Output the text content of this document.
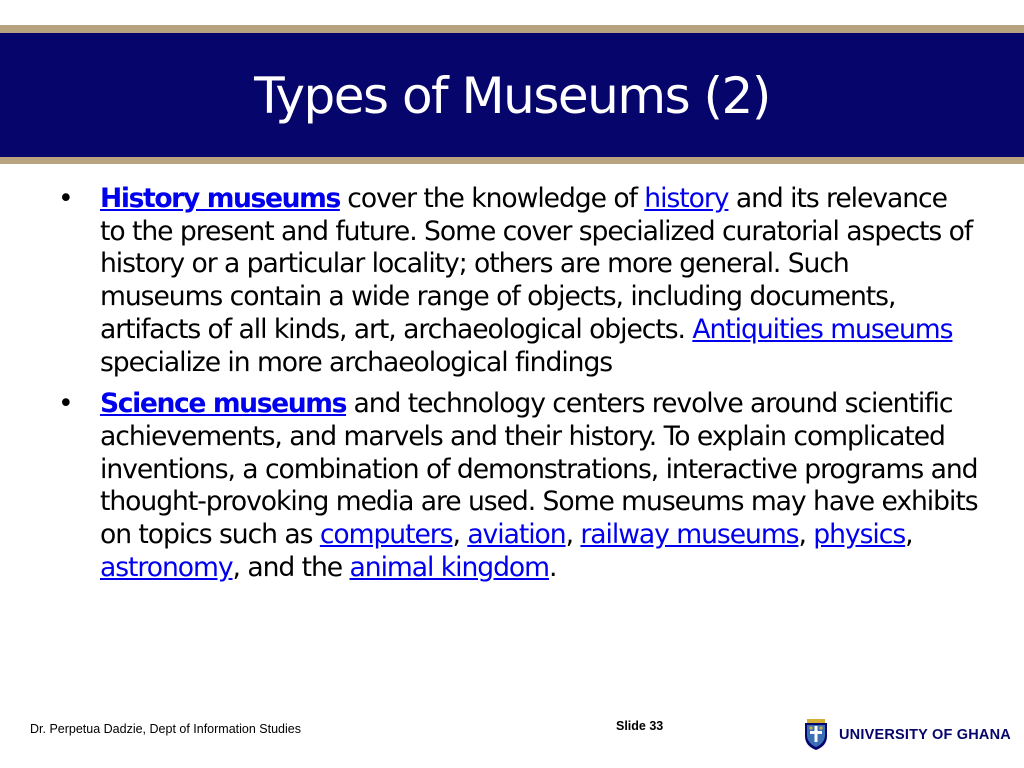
Types of Museums (2)
• History museums cover the knowledge of history and its relevance to the present and future. Some cover specialized curatorial aspects of history or a particular locality; others are more general. Such museums contain a wide range of objects, including documents, artifacts of all kinds, art, archaeological objects. Antiquities museums specialize in more archaeological findings
• Science museums and technology centers revolve around scientific achievements, and marvels and their history. To explain complicated inventions, a combination of demonstrations, interactive programs and thought-provoking media are used. Some museums may have exhibits on topics such as computers, aviation, railway museums, physics, astronomy, and the animal kingdom.
Dr. Perpetua Dadzie, Dept of Information Studies	Slide 33
UNIVERSITY OF GHANA
